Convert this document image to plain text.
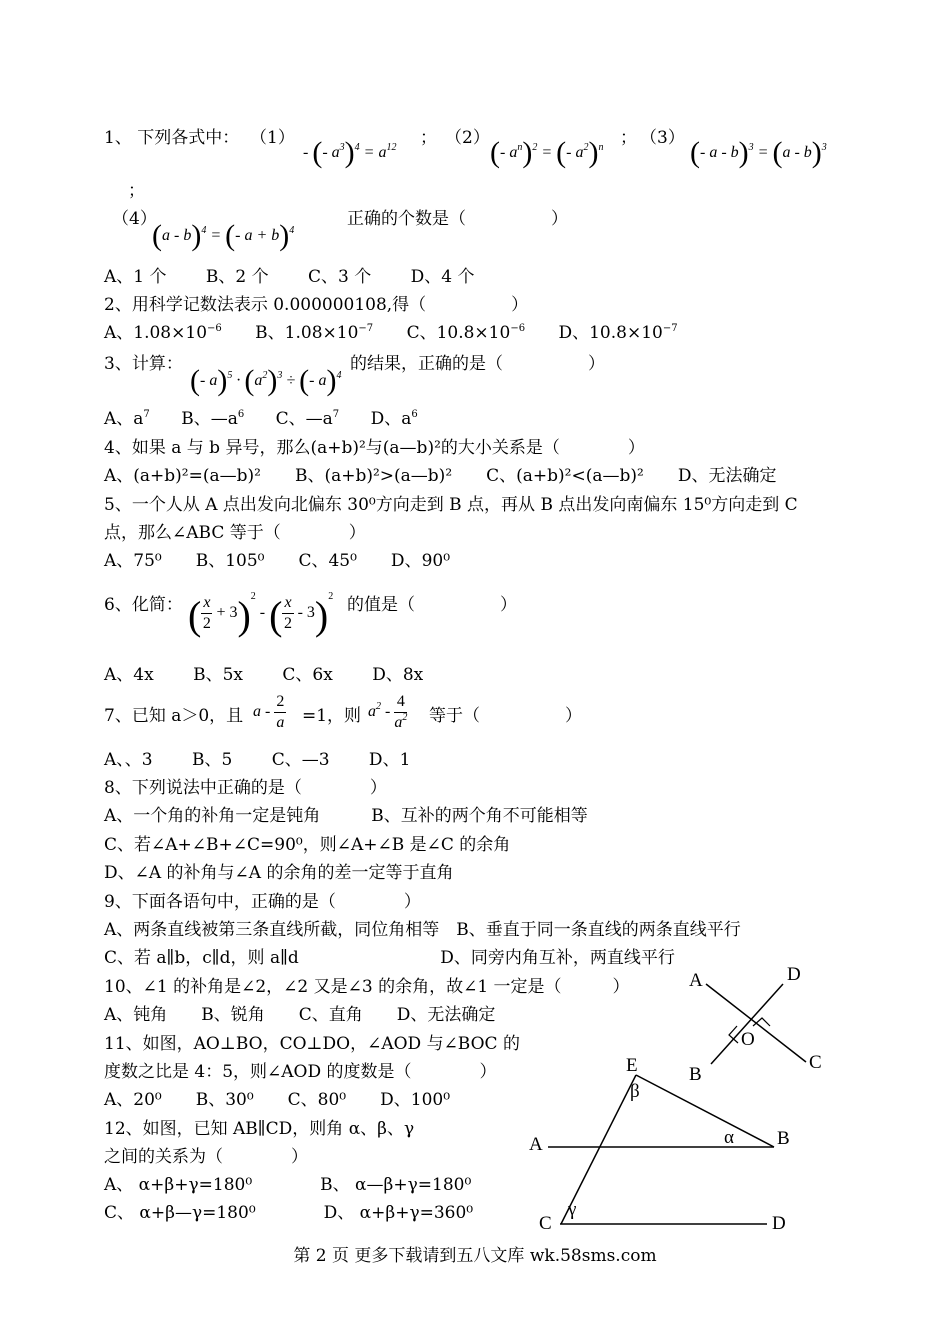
1、 下列各式中： （1）
- (- $a^3)^4 = a^{12}$ ； （2） (- $a^n)^2$ = (- $a^2)^n$ ； （3） (- a - b)$^3$ = (a - b)$^3$
；
（4）
(a - b)$^4$ = (- a + b)$^4$
正确的个数是（　　　　　）
A、1 个　　 B、2 个　　 C、3 个　　 D、4 个
2、用科学记数法表示 0.000000108,得（　　　　　）
A、$1.08\times 10^{-6}$ B、$1.08\times 10^{-7}$ C、$10.8\times 10^{-6}$ D、$10.8\times 10^{-7}$
3、计算： (- $a)^5 \cdot (a^2)^3$ ÷ (- a)$^4$
的结果，正确的是（　　　　　）
A、$a^7$ B、$—a^6$ C、$—a^7$ D、$a^6$
4、如果 a 与 b 异号，那么(a+b)²与(a—b)²的大小关系是（　　　　）
A、(a+b)²=(a—b)²　　B、(a+b)²>(a—b)²　　C、(a+b)²<(a—b)²　　D、无法确定
5、一个人从 A 点出发向北偏东 30⁰方向走到 B 点，再从 B 点出发向南偏东 15⁰方向走到 C
点，那么∠ABC 等于（　　　　）
A、75⁰　　B、105⁰　　C、45⁰　　D、90⁰
6、化简： ( $\frac{x}{2} + 3)^2$ - ( $\frac{x}{2} - 3)^2$ 的值是（　　　　　）
A、4x　　 B、5x　　 C、6x　　 D、8x
7、已知 a＞0，且 $a - \frac{2}{a} =1$，则 $a^2 - \frac{4}{a^2}$ 等于（　　　　　）
A、、3　　 B、5　　 C、—3　　 D、1
8、下列说法中正确的是（　　　　）
A、一个角的补角一定是钝角　　　B、互补的两个角不可能相等
C、若∠A+∠B+∠C=90⁰，则∠A+∠B 是∠C 的余角
D、∠A 的补角与∠A 的余角的差一定等于直角
9、下面各语句中，正确的是（　　　　）
A、两条直线被第三条直线所截，同位角相等　B、垂直于同一条直线的两条直线平行
C、若 a∥b，c∥d，则 a∥d　　　　　　　　 D、同旁内角互补，两直线平行
10、∠1 的补角是∠2，∠2 又是∠3 的余角，故∠1 一定是（　　　）
A、钝角　　B、锐角　　C、直角　　D、无法确定
11、如图，AO⊥BO，CO⊥DO，∠AOD 与∠BOC 的
度数之比是 4：5，则∠AOD 的度数是（　　　　）
A、20⁰　　B、30⁰　　C、80⁰　　D、100⁰
12、如图，已知 AB∥CD，则角 α、β、γ
之间的关系为（　　　　）
A、 α+β+γ=180⁰　　　　B、 α—β+γ=180⁰
C、 α+β—γ=180⁰　　　　D、 α+β+γ=360⁰
A	D
O
B
C
E
β
A	α B
C
γ
D
第 2 页 更多下载请到五八文库 wk.58sms.com
